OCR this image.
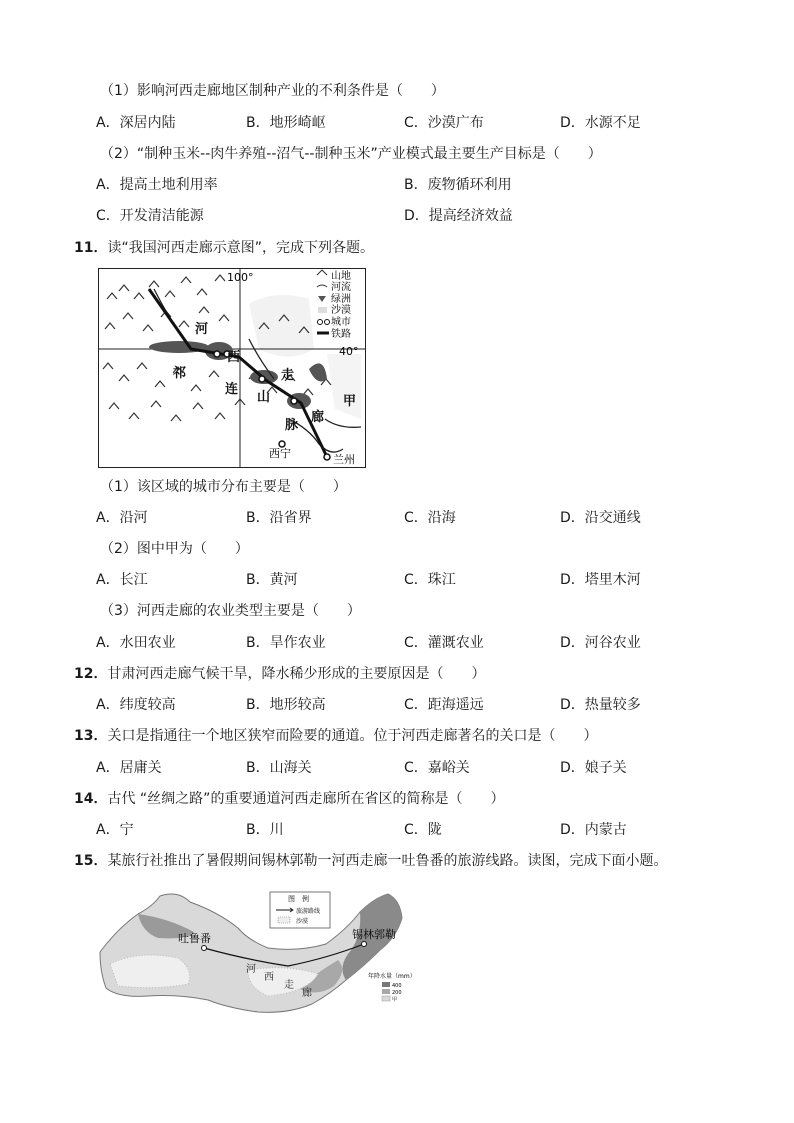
（1）影响河西走廊地区制种产业的不利条件是（　　）
A．深居内陆	B．地形崎岖	C．沙漠广布	D．水源不足
（2）“制种玉米--肉牛养殖--沼气--制种玉米”产业模式最主要生产目标是（　　）
A．提高土地利用率	B．废物循环利用
C．开发清洁能源	D．提高经济效益
11．读“我国河西走廊示意图”，完成下列各题。
山地
河流
绿洲
沙漠
城市
铁路
100°
40°
河
西
走
廊
祁
连
山
脉
甲
西宁	兰州
（1）该区域的城市分布主要是（　　）
A．沿河	B．沿省界	C．沿海	D．沿交通线
（2）图中甲为（　　）
A．长江	B．黄河	C．珠江	D．塔里木河
（3）河西走廊的农业类型主要是（　　）
A．水田农业	B．旱作农业	C．灌溉农业	D．河谷农业
12．甘肃河西走廊气候干旱，降水稀少形成的主要原因是（　　）
A．纬度较高	B．地形较高	C．距海遥远	D．热量较多
13．关口是指通往一个地区狭窄而险要的通道。位于河西走廊著名的关口是（　　）
A．居庸关	B．山海关	C．嘉峪关	D．娘子关
14．古代 “丝绸之路”的重要通道河西走廊所在省区的简称是（　　）
A．宁	B．川	C．陇	D．内蒙古
15．某旅行社推出了暑假期间锡林郭勒一河西走廊一吐鲁番的旅游线路。读图，完成下面小题。
吐鲁番	锡林郭勒
河
西
走
廊
图　例
旅游路线
沙漠
年降水量（mm）
400
200
甲
